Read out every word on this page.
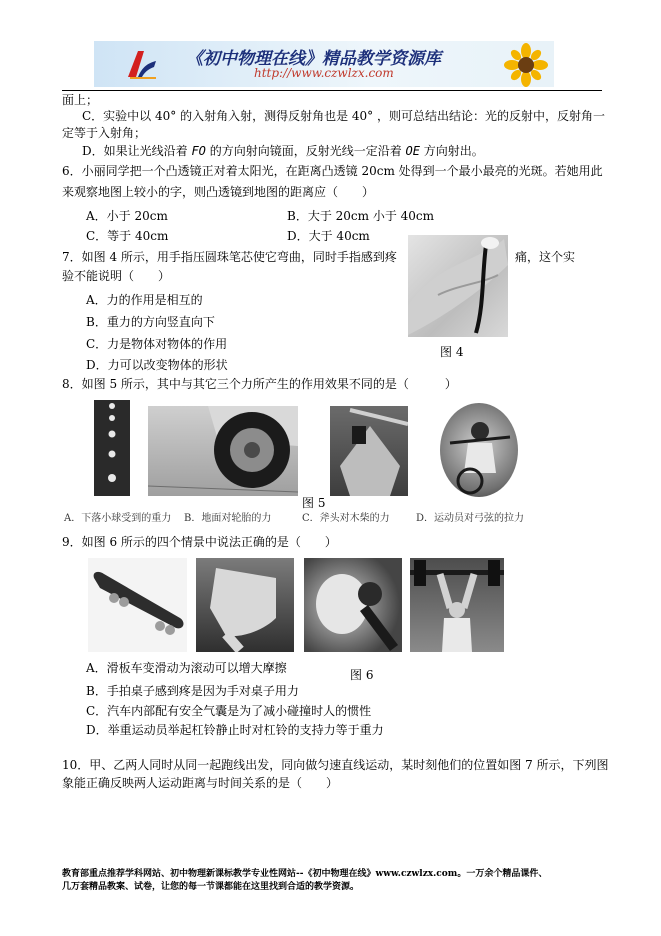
《初中物理在线》精品教学资源库
http://www.czwlzx.com
面上；
C．实验中以 40° 的入射角入射，测得反射角也是 40° ，则可总结出结论：光的反射中，反射角一
定等于入射角；
D．如果让光线沿着 FO 的方向射向镜面，反射光线一定沿着 OE 方向射出。
6．小丽同学把一个凸透镜正对着太阳光，在距离凸透镜 20cm 处得到一个最小最亮的光斑。若她用此
来观察地图上较小的字，则凸透镜到地图的距离应（　　）
A．小于 20cm	B．大于 20cm 小于 40cm
C．等于 40cm	D．大于 40cm
7．如图 4 所示，用手指压圆珠笔芯使它弯曲，同时手指感到疼	痛，这个实
验不能说明（　　）
A．力的作用是相互的
B．重力的方向竖直向下
C．力是物体对物体的作用
D．力可以改变物体的形状
图 4
8．如图 5 所示，其中与其它三个力所产生的作用效果不同的是（　　　）
图 5
A．下落小球受到的重力 B．地面对轮胎的力	C．斧头对木柴的力	D．运动员对弓弦的拉力
9．如图 6 所示的四个情景中说法正确的是（　　）
图 6
A．滑板车变滑动为滚动可以增大摩擦
B．手拍桌子感到疼是因为手对桌子用力
C．汽车内部配有安全气囊是为了减小碰撞时人的惯性
D．举重运动员举起杠铃静止时对杠铃的支持力等于重力
10．甲、乙两人同时从同一起跑线出发，同向做匀速直线运动，某时刻他们的位置如图 7 所示，下列图
象能正确反映两人运动距离与时间关系的是（　　）
教育部重点推荐学科网站、初中物理新课标教学专业性网站--《初中物理在线》www.czwlzx.com。一万余个精品课件、
几万套精品教案、试卷，让您的每一节课都能在这里找到合适的教学资源。
